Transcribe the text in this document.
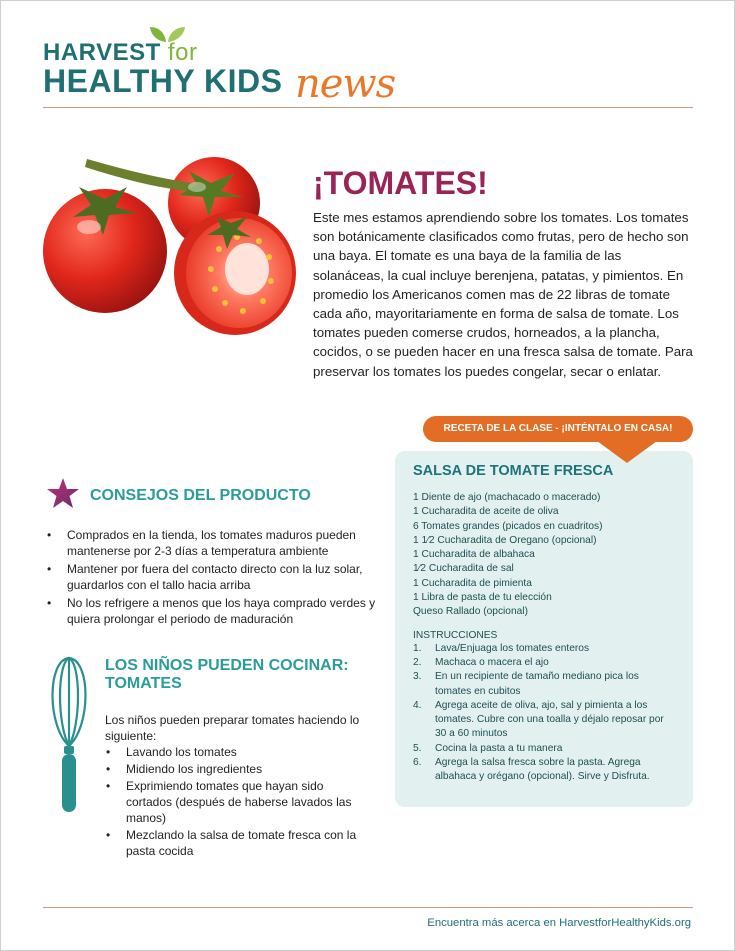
HARVEST for
HEALTHY KIDS news
¡TOMATES!
Este mes estamos aprendiendo sobre los tomates. Los tomates son botánicamente clasificados como frutas, pero de hecho son una baya. El tomate es una baya de la familia de las solanáceas, la cual incluye berenjena, patatas, y pimientos. En promedio los Americanos comen mas de 22 libras de tomate cada año, mayoritariamente en forma de salsa de tomate. Los tomates pueden comerse crudos, horneados, a la plancha, cocidos, o se pueden hacer en una fresca salsa de tomate. Para preservar los tomates los puedes congelar, secar o enlatar.
RECETA DE LA CLASE - ¡INTÉNTALO EN CASA!
SALSA DE TOMATE FRESCA
1 Diente de ajo (machacado o macerado)
1 Cucharadita de aceite de oliva
6 Tomates grandes (picados en cuadritos)
1 1⁄2 Cucharadita de Oregano (opcional)
1 Cucharadita de albahaca
1⁄2 Cucharadita de sal
1 Cucharadita de pimienta
1 Libra de pasta de tu elección
Queso Rallado (opcional)
INSTRUCCIONES
1. Lava/Enjuaga los tomates enteros
2. Machaca o macera el ajo
3. En un recipiente de tamaño mediano pica los tomates en cubitos
4. Agrega aceite de oliva, ajo, sal y pimienta a los tomates. Cubre con una toalla y déjalo reposar por 30 a 60 minutos
5. Cocina la pasta a tu manera
6. Agrega la salsa fresca sobre la pasta. Agrega albahaca y orégano (opcional). Sirve y Disfruta.
CONSEJOS DEL PRODUCTO
• Comprados en la tienda, los tomates maduros pueden mantenerse por 2-3 días a temperatura ambiente
• Mantener por fuera del contacto directo con la luz solar, guardarlos con el tallo hacia arriba
• No los refrigere a menos que los haya comprado verdes y quiera prolongar el periodo de maduración
LOS NIÑOS PUEDEN COCINAR: TOMATES
Los niños pueden preparar tomates haciendo lo siguiente:
• Lavando los tomates
• Midiendo los ingredientes
• Exprimiendo tomates que hayan sido cortados (después de haberse lavados las manos)
• Mezclando la salsa de tomate fresca con la pasta cocida
Encuentra más acerca en HarvestforHealthyKids.org
